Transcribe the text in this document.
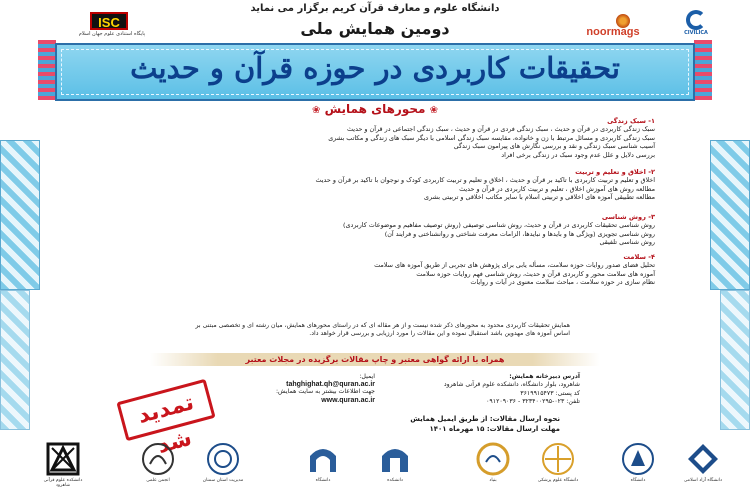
ISC
پایگاه استنادی علوم جهان اسلام
دانشگاه علوم و معارف قرآن کریم برگزار می نماید
دومین همایش ملی	noormags	CIVILICA
تحقیقات کاربردی در حوزه قرآن و حدیث
❀ محورهای همایش ❀
۱- سبک زندگی
سبک زندگی کاربردی در قرآن و حدیث ، سبک زندگی فردی در قرآن و حدیث ، سبک زندگی اجتماعی در قرآن و حدیث
سبک زندگی کاربردی و مسائل مرتبط با زن و خانواده، مقایسه سبک زندگی اسلامی با دیگر سبک های زندگی و مکاتب بشری
آسیب شناسی سبک زندگی و نقد و بررسی نگارش های پیرامون سبک زندگی
بررسی دلایل و علل عدم وجود سبک در زندگی برخی افراد
۲- اخلاق و تعلیم و تربیت
اخلاق و تعلیم و تربیت کاربردی با تاکید بر قرآن و حدیث ، اخلاق و تعلیم و تربیت کاربردی کودک و نوجوان با تاکید بر قرآن و حدیث
مطالعه روش های آموزش اخلاق ، تعلیم و تربیت کاربردی در قرآن و حدیث
مطالعه تطبیقی آموزه های اخلاقی و تربیتی اسلام با سایر مکاتب اخلاقی و تربیتی بشری
۳- روش شناسی
روش شناسی تحقیقات کاربردی در قرآن و حدیث، روش شناسی توصیفی (روش توصیف مفاهیم و موضوعات کاربردی)
روش شناسی تجویزی (ویژگی ها و بایدها و نبایدها، الزامات معرفت شناختی و روانشناختی و فرایند آن)
روش شناسی تلفیقی
۴- سلامت
تحلیل فضای صدور روایات حوزه سلامت، مسأله یابی برای پژوهش های تجربی از طریق آموزه های سلامت
آموزه های سلامت محور و کاربردی قرآن و حدیث، روش شناسی فهم روایات حوزه سلامت
نظام سازی در حوزه سلامت ، مباحث سلامت معنوی در آیات و روایات
همایش تحقیقات کاربردی محدود به محورهای ذکر شده نیست و از هر مقاله ای که در راستای محورهای همایش، میان رشته ای و تخصصی مبتنی بر اساس آموزه های مهدوین باشد استقبال نموده و این مقالات را مورد ارزیابی و بررسی قرار خواهد داد.
همراه با ارائه گواهی معتبر و چاپ مقالات برگزیده در مجلات معتبر
ایمیل:
tahghighat.qh@quran.ac.ir
جهت اطلاعات بیشتر به سایت همایش:
www.quran.ac.ir
آدرس دبیرخانه همایش:
شاهرود، بلوار دانشگاه، دانشکده علوم قرآنی شاهرود
کد پستی: ۳۶۱۹۹۱۵۴۷۳
تلفن: ۰۲۳-۳۲۳۴۰۰۲۹۵ - ۰۹۱۲۰۹۰۳۶
نحوه ارسال مقالات: از طریق ایمیل همایش
مهلت ارسال مقالات: ۱۵ مهرماه ۱۴۰۱
تمدید شد
دانشکده علوم قرآنی شاهرود
انجمن علمی	مدیریت استان سمنان	دانشگاه	دانشکده	بنیاد	دانشگاه علوم پزشکی	دانشگاه	دانشگاه آزاد اسلامی
